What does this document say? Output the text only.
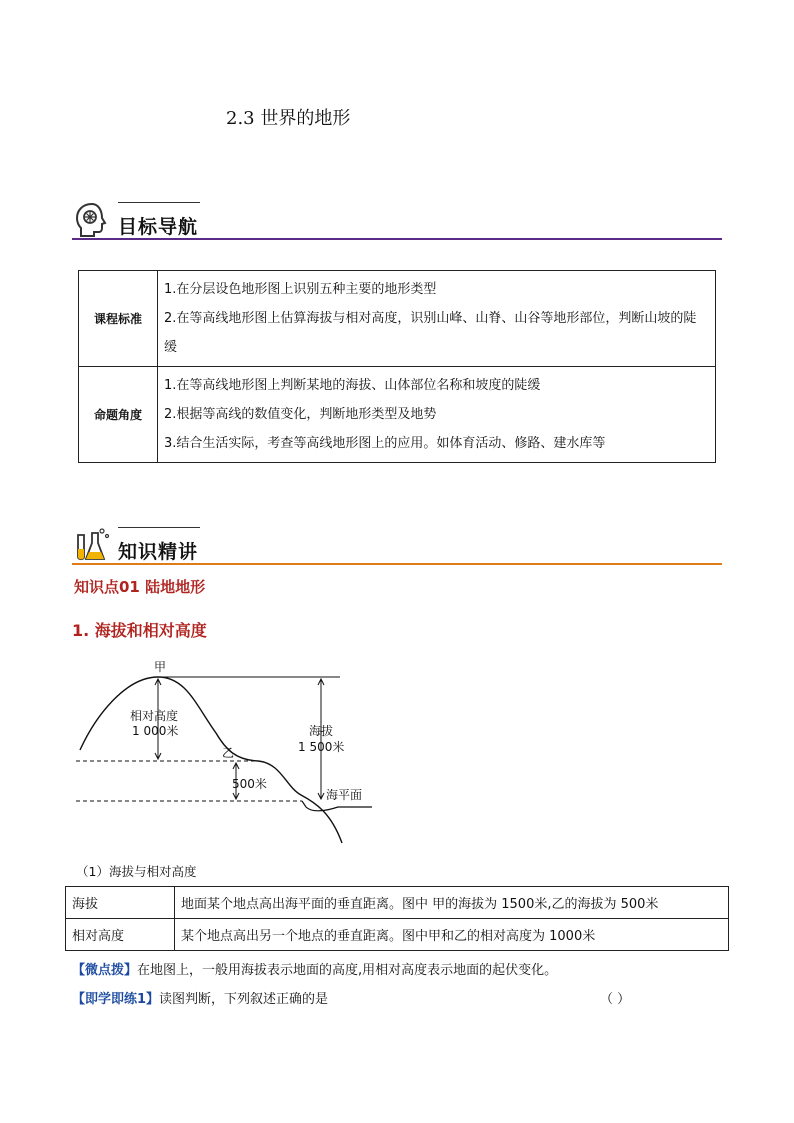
2.3 世界的地形
目标导航
课程标准	1.在分层设色地形图上识别五种主要的地形类型
2.在等高线地形图上估算海拔与相对高度，识别山峰、山脊、山谷等地形部位，判断山坡的陡缓

命题角度	1.在等高线地形图上判断某地的海拔、山体部位名称和坡度的陡缓
2.根据等高线的数值变化，判断地形类型及地势
3.结合生活实际，考查等高线地形图上的应用。如体育活动、修路、建水库等
知识精讲
知识点01 陆地地形
1. 海拔和相对高度
甲
乙
相对高度
1 000米
500米
海拔
1 500米
海平面
（1）海拔与相对高度
海拔	地面某个地点高出海平面的垂直距离。图中 甲的海拔为 1500米,乙的海拔为 500米
相对高度	某个地点高出另一个地点的垂直距离。图中甲和乙的相对高度为 1000米
【微点拨】在地图上，一般用海拔表示地面的高度,用相对高度表示地面的起伏变化。
【即学即练1】读图判断，下列叙述正确的是	（ ）
